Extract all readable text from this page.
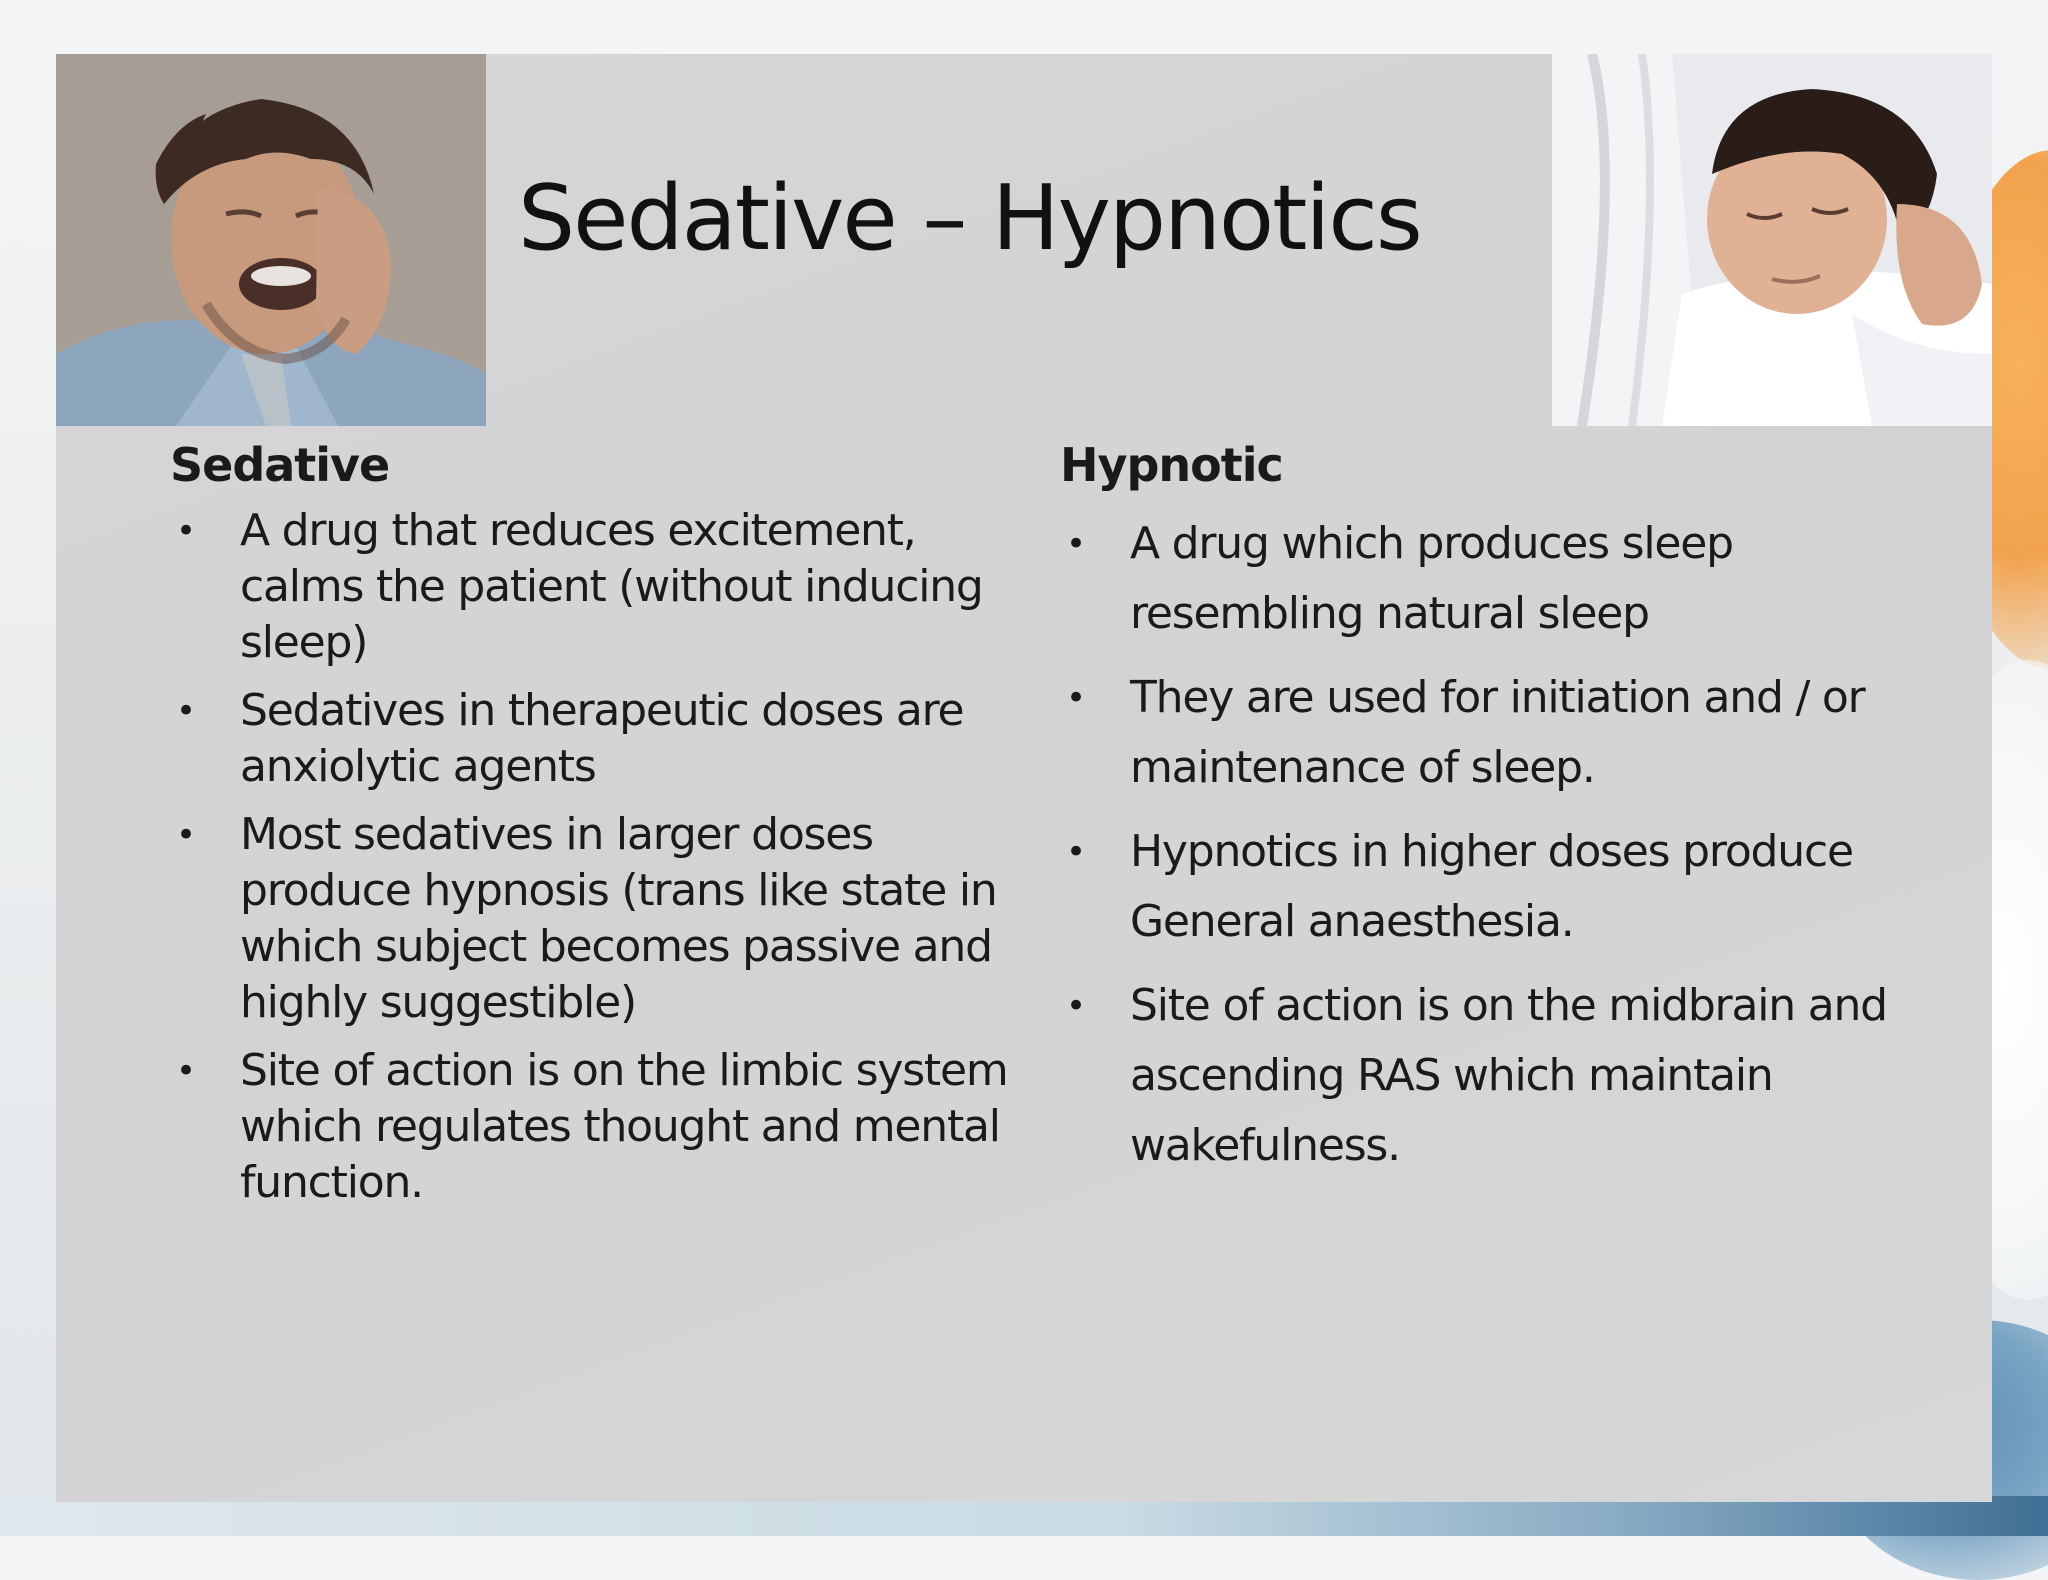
Sedative – Hypnotics
Sedative
• A drug that reduces excitement, calms the patient (without inducing sleep)
• Sedatives in therapeutic doses are anxiolytic agents
• Most sedatives in larger doses produce hypnosis (trans like state in which subject becomes passive and highly suggestible)
• Site of action is on the limbic system which regulates thought and mental function.
Hypnotic
• A drug which produces sleep resembling natural sleep
• They are used for initiation and / or maintenance of sleep.
• Hypnotics in higher doses produce General anaesthesia.
• Site of action is on the midbrain and ascending RAS which maintain wakefulness.
